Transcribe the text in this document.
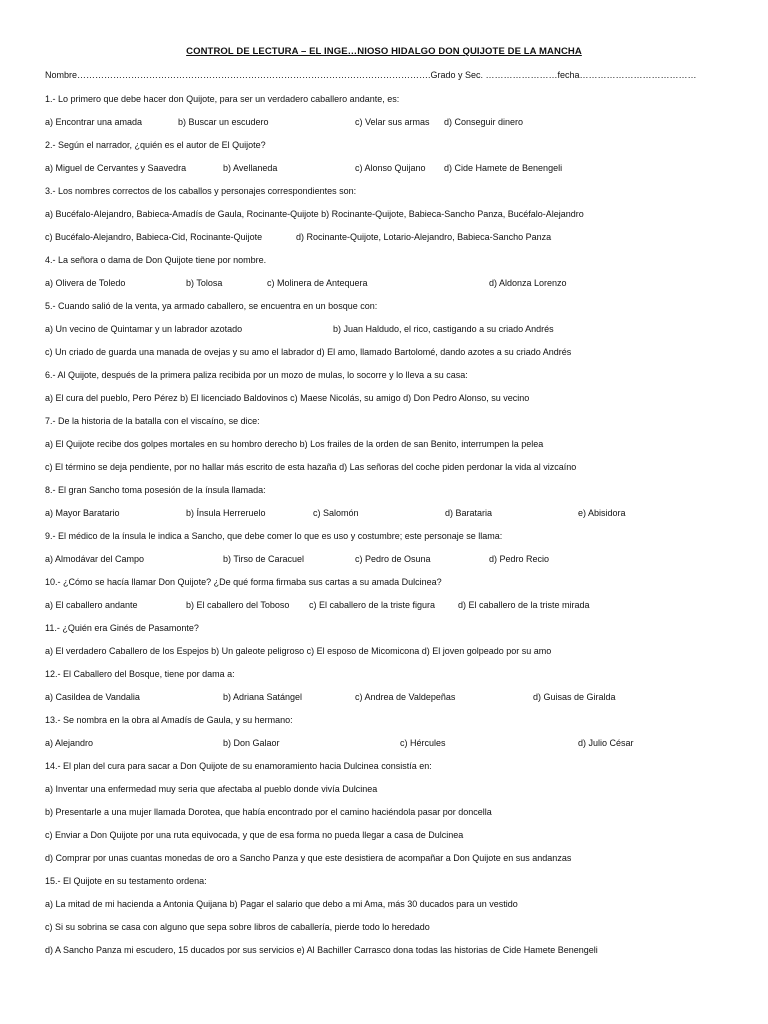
CONTROL DE LECTURA – EL INGE…NIOSO HIDALGO DON QUIJOTE DE LA MANCHA
Nombre……………………………………………………………………………………………………….Grado y Sec. ……………………fecha…………………………………
1.- Lo primero que debe hacer don Quijote, para ser un verdadero caballero andante, es:
a) Encontrar una amada	b) Buscar un escudero	c) Velar sus armas d) Conseguir dinero
2.- Según el narrador, ¿quién es el autor de El Quijote?
a) Miguel de Cervantes y Saavedra	b) Avellaneda	c) Alonso Quijano d) Cide Hamete de Benengeli
3.- Los nombres correctos de los caballos y personajes correspondientes son:
a) Bucéfalo-Alejandro, Babieca-Amadís de Gaula, Rocinante-Quijote b) Rocinante-Quijote, Babieca-Sancho Panza, Bucéfalo-Alejandro
c) Bucéfalo-Alejandro, Babieca-Cid, Rocinante-Quijote	d) Rocinante-Quijote, Lotario-Alejandro, Babieca-Sancho Panza
4.- La señora o dama de Don Quijote tiene por nombre.
a) Olivera de Toledo	b) Tolosa	c) Molinera de Antequera	d) Aldonza Lorenzo
5.- Cuando salió de la venta, ya armado caballero, se encuentra en un bosque con:
a) Un vecino de Quintamar y un labrador azotado	b) Juan Haldudo, el rico, castigando a su criado Andrés
c) Un criado de guarda una manada de ovejas y su amo el labrador d) El amo, llamado Bartolomé, dando azotes a su criado Andrés
6.- Al Quijote, después de la primera paliza recibida por un mozo de mulas, lo socorre y lo lleva a su casa:
a) El cura del pueblo, Pero Pérez b) El licenciado Baldovinos c) Maese Nicolás, su amigo d) Don Pedro Alonso, su vecino
7.- De la historia de la batalla con el viscaíno, se dice:
a) El Quijote recibe dos golpes mortales en su hombro derecho b) Los frailes de la orden de san Benito, interrumpen la pelea
c) El término se deja pendiente, por no hallar más escrito de esta hazaña d) Las señoras del coche piden perdonar la vida al vizcaíno
8.- El gran Sancho toma posesión de la ínsula llamada:
a) Mayor Baratario	b) Ínsula Herreruelo	c) Salomón	d) Barataria	e) Abisidora
9.- El médico de la ínsula le indica a Sancho, que debe comer lo que es uso y costumbre; este personaje se llama:
a) Almodávar del Campo	b) Tirso de Caracuel	c) Pedro de Osuna	d) Pedro Recio
10.- ¿Cómo se hacía llamar Don Quijote? ¿De qué forma firmaba sus cartas a su amada Dulcinea?
a) El caballero andante	b) El caballero del Toboso c) El caballero de la triste figura	d) El caballero de la triste mirada
11.- ¿Quién era Ginés de Pasamonte?
a) El verdadero Caballero de los Espejos b) Un galeote peligroso c) El esposo de Micomicona d) El joven golpeado por su amo
12.- El Caballero del Bosque, tiene por dama a:
a) Casildea de Vandalia	b) Adriana Satángel	c) Andrea de Valdepeñas	d) Guisas de Giralda
13.- Se nombra en la obra al Amadís de Gaula, y su hermano:
a) Alejandro	b) Don Galaor	c) Hércules	d) Julio César
14.- El plan del cura para sacar a Don Quijote de su enamoramiento hacia Dulcinea consistía en:
a) Inventar una enfermedad muy seria que afectaba al pueblo donde vivía Dulcinea
b) Presentarle a una mujer llamada Dorotea, que había encontrado por el camino haciéndola pasar por doncella
c) Enviar a Don Quijote por una ruta equivocada, y que de esa forma no pueda llegar a casa de Dulcinea
d) Comprar por unas cuantas monedas de oro a Sancho Panza y que este desistiera de acompañar a Don Quijote en sus andanzas
15.- El Quijote en su testamento ordena:
a) La mitad de mi hacienda a Antonia Quijana b) Pagar el salario que debo a mi Ama, más 30 ducados para un vestido
c) Si su sobrina se casa con alguno que sepa sobre libros de caballería, pierde todo lo heredado
d) A Sancho Panza mi escudero, 15 ducados por sus servicios e) Al Bachiller Carrasco dona todas las historias de Cide Hamete Benengeli
